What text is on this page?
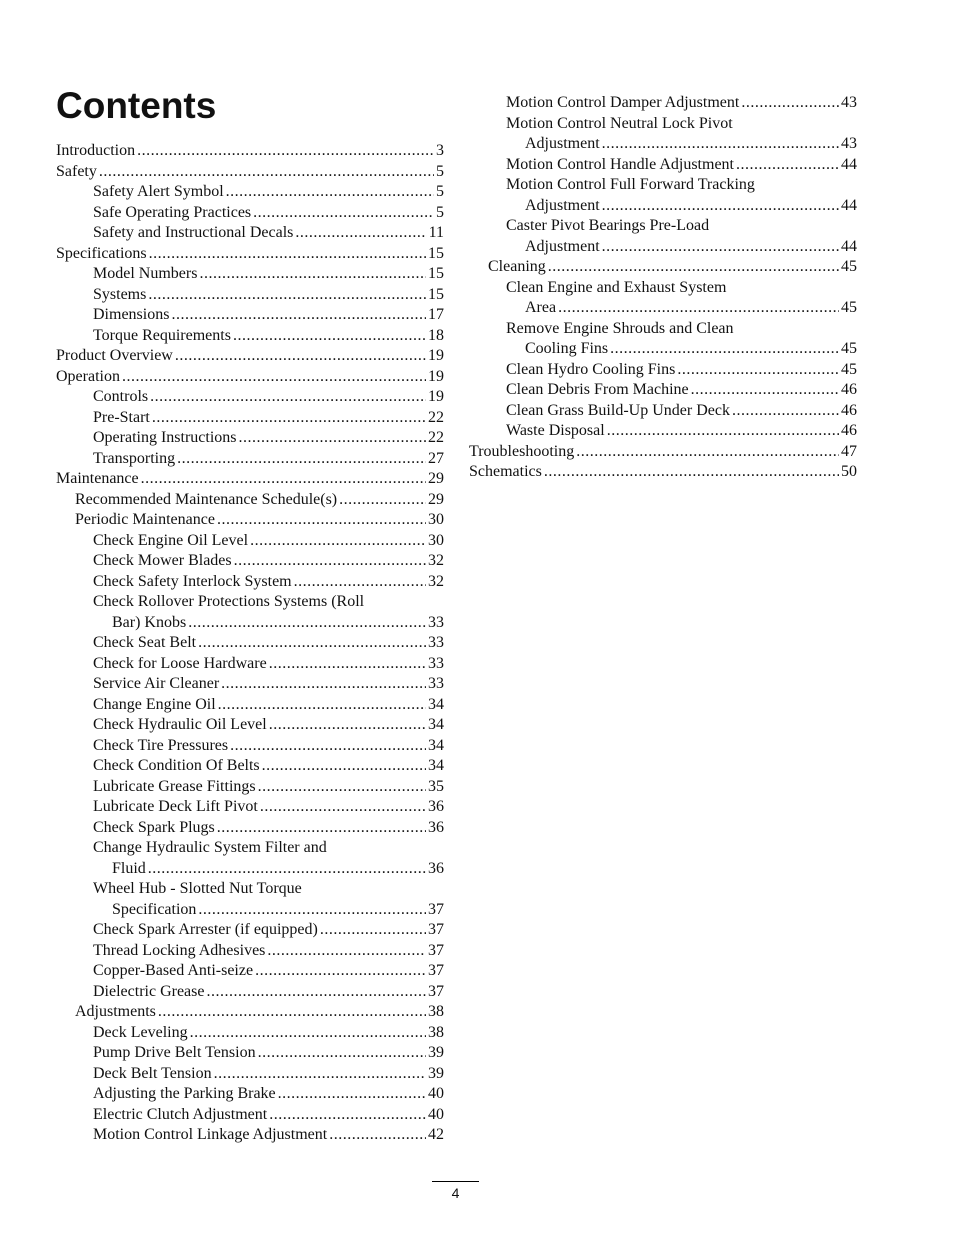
Contents
Introduction .....	3
Safety .....	5
Safety Alert Symbol .....	5
Safe Operating Practices .....	5
Safety and Instructional Decals .....	11
Specifications .....	15
Model Numbers .....	15
Systems .....	15
Dimensions .....	17
Torque Requirements .....	18
Product Overview .....	19
Operation .....	19
Controls .....	19
Pre-Start .....	22
Operating Instructions .....	22
Transporting .....	27
Maintenance .....	29
Recommended Maintenance Schedule(s) .....	29
Periodic Maintenance .....	30
Check Engine Oil Level .....	30
Check Mower Blades .....	32
Check Safety Interlock System .....	32
Check Rollover Protections Systems (Roll
Bar) Knobs .....	33
Check Seat Belt .....	33
Check for Loose Hardware .....	33
Service Air Cleaner .....	33
Change Engine Oil .....	34
Check Hydraulic Oil Level .....	34
Check Tire Pressures .....	34
Check Condition Of Belts .....	34
Lubricate Grease Fittings .....	35
Lubricate Deck Lift Pivot .....	36
Check Spark Plugs .....	36
Change Hydraulic System Filter and
Fluid .....	36
Wheel Hub - Slotted Nut Torque
Specification .....	37
Check Spark Arrester (if equipped) .....	37
Thread Locking Adhesives .....	37
Copper-Based Anti-seize .....	37
Dielectric Grease .....	37
Adjustments .....	38
Deck Leveling .....	38
Pump Drive Belt Tension .....	39
Deck Belt Tension .....	39
Adjusting the Parking Brake .....	40
Electric Clutch Adjustment .....	40
Motion Control Linkage Adjustment .....	42
Motion Control Damper Adjustment .....	43
Motion Control Neutral Lock Pivot
Adjustment .....	43
Motion Control Handle Adjustment .....	44
Motion Control Full Forward Tracking
Adjustment .....	44
Caster Pivot Bearings Pre-Load
Adjustment .....	44
Cleaning .....	45
Clean Engine and Exhaust System
Area .....	45
Remove Engine Shrouds and Clean
Cooling Fins .....	45
Clean Hydro Cooling Fins .....	45
Clean Debris From Machine .....	46
Clean Grass Build-Up Under Deck .....	46
Waste Disposal .....	46
Troubleshooting .....	47
Schematics .....	50
4
